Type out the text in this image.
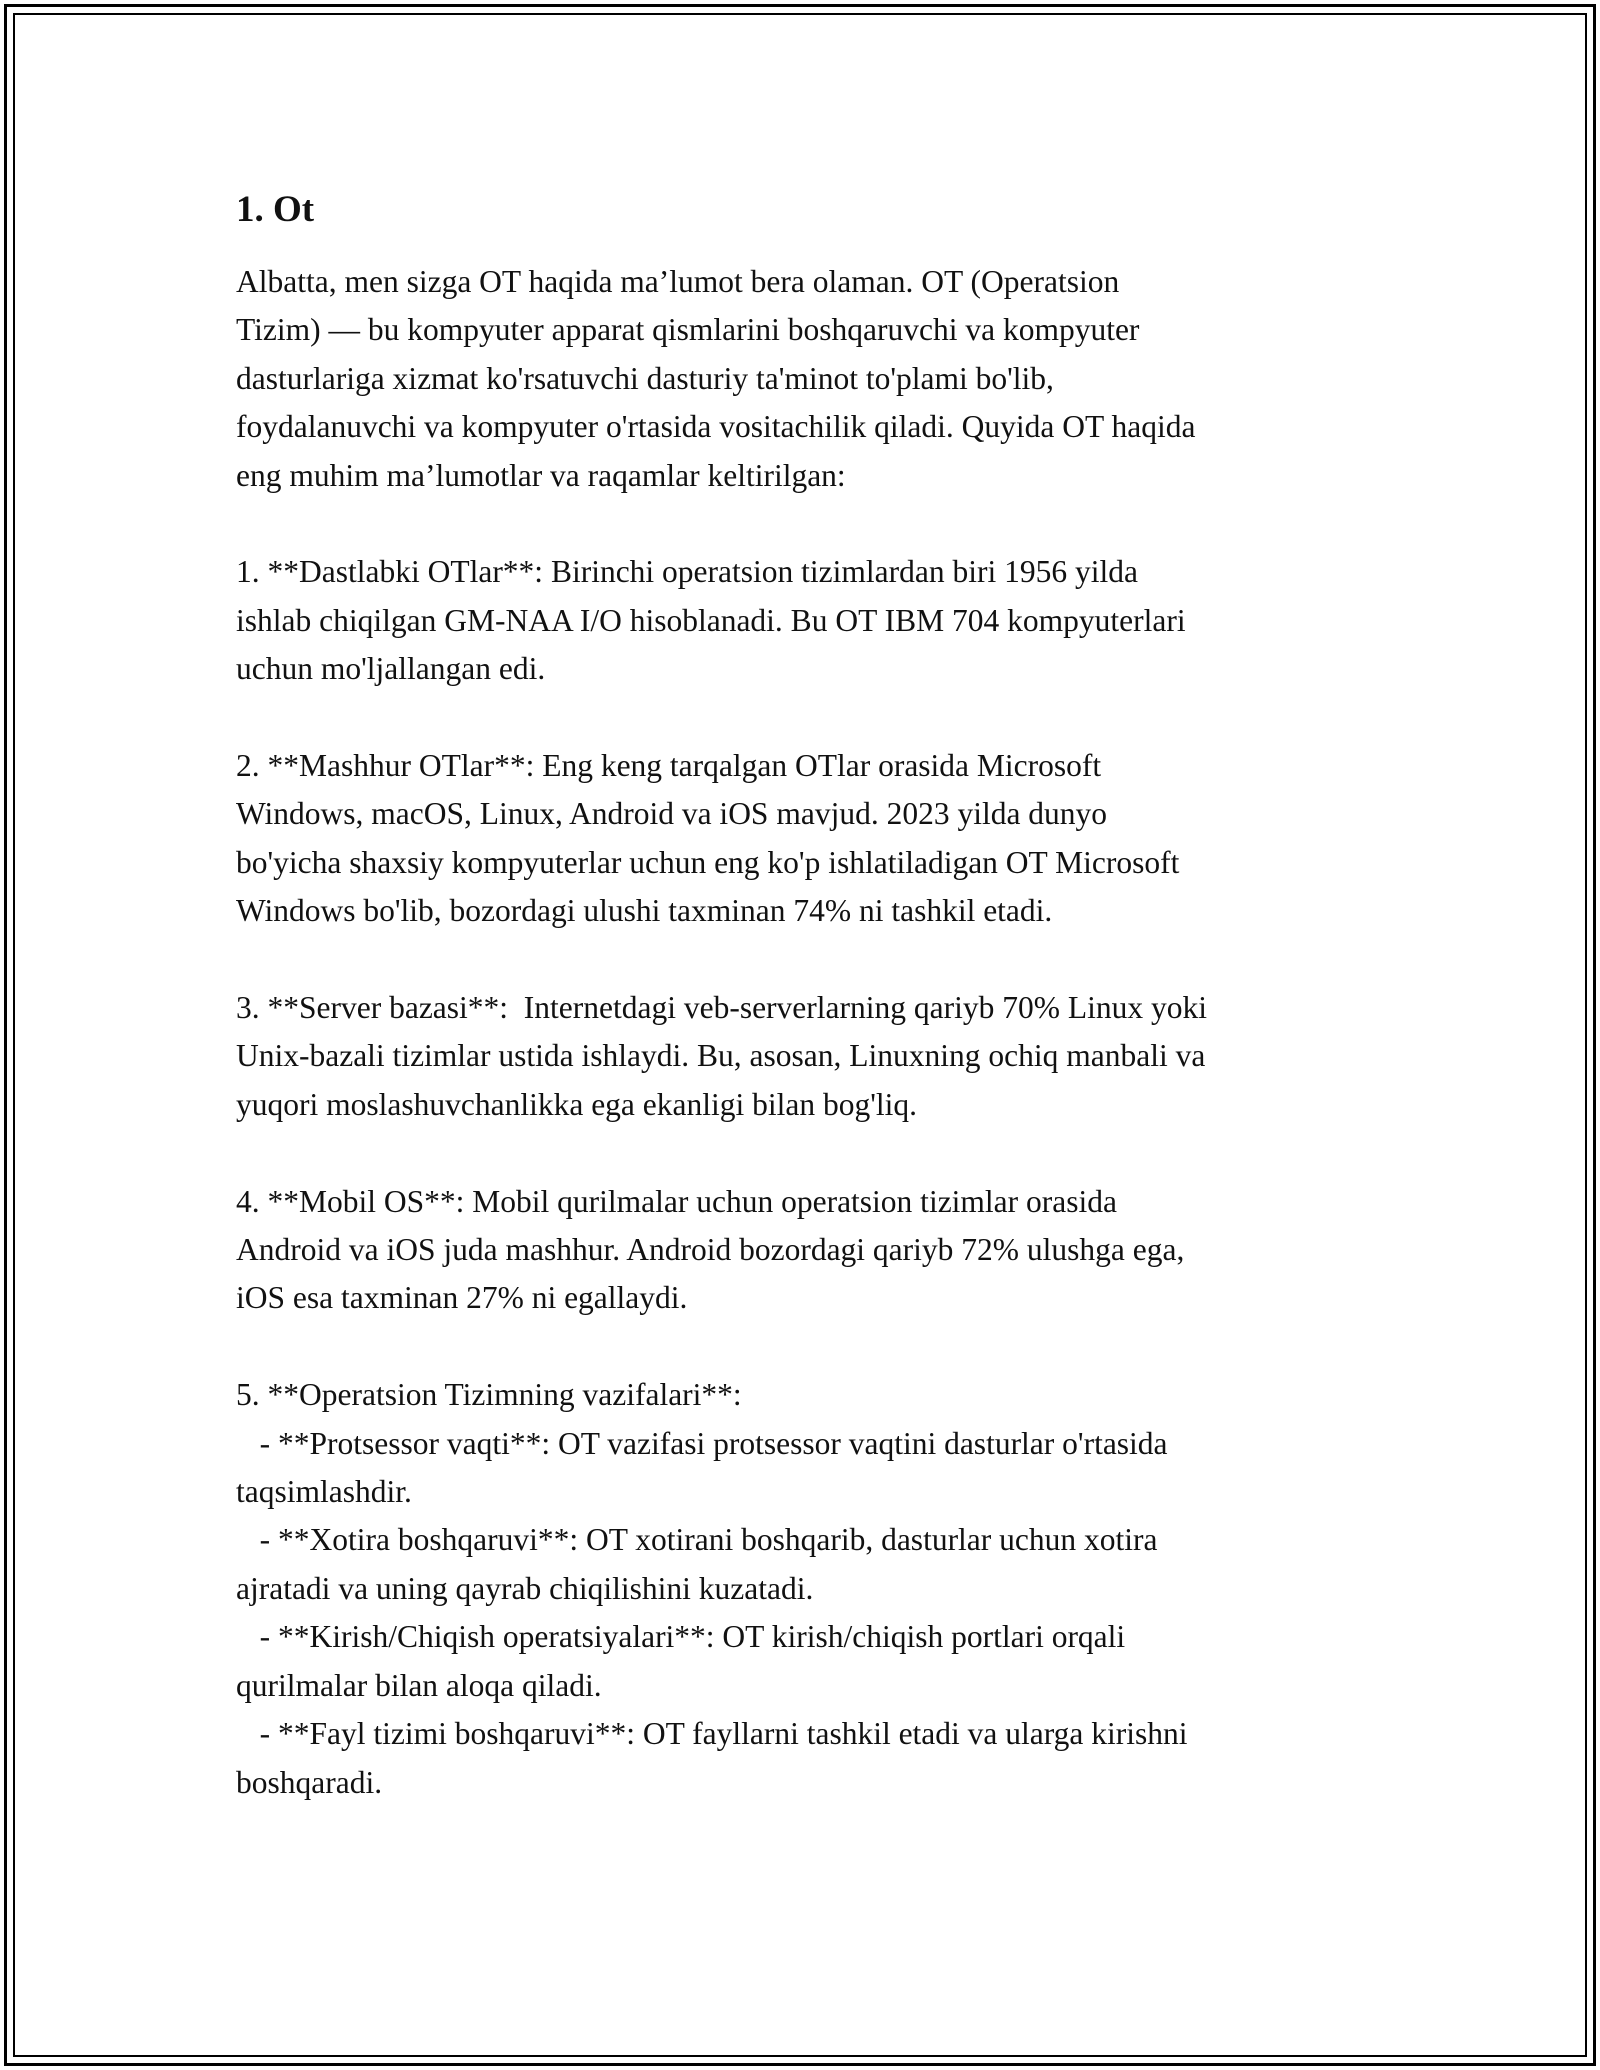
1. Ot

Albatta, men sizga OT haqida ma’lumot bera olaman. OT (Operatsion
Tizim) — bu kompyuter apparat qismlarini boshqaruvchi va kompyuter
dasturlariga xizmat ko'rsatuvchi dasturiy ta'minot to'plami bo'lib,
foydalanuvchi va kompyuter o'rtasida vositachilik qiladi. Quyida OT haqida
eng muhim ma’lumotlar va raqamlar keltirilgan:

1. **Dastlabki OTlar**: Birinchi operatsion tizimlardan biri 1956 yilda
ishlab chiqilgan GM-NAA I/O hisoblanadi. Bu OT IBM 704 kompyuterlari
uchun mo'ljallangan edi.

2. **Mashhur OTlar**: Eng keng tarqalgan OTlar orasida Microsoft
Windows, macOS, Linux, Android va iOS mavjud. 2023 yilda dunyo
bo'yicha shaxsiy kompyuterlar uchun eng ko'p ishlatiladigan OT Microsoft
Windows bo'lib, bozordagi ulushi taxminan 74% ni tashkil etadi.

3. **Server bazasi**:  Internetdagi veb-serverlarning qariyb 70% Linux yoki
Unix-bazali tizimlar ustida ishlaydi. Bu, asosan, Linuxning ochiq manbali va
yuqori moslashuvchanlikka ega ekanligi bilan bog'liq.

4. **Mobil OS**: Mobil qurilmalar uchun operatsion tizimlar orasida
Android va iOS juda mashhur. Android bozordagi qariyb 72% ulushga ega,
iOS esa taxminan 27% ni egallaydi.

5. **Operatsion Tizimning vazifalari**:
- **Protsessor vaqti**: OT vazifasi protsessor vaqtini dasturlar o'rtasida
taqsimlashdir.
- **Xotira boshqaruvi**: OT xotirani boshqarib, dasturlar uchun xotira
ajratadi va uning qayrab chiqilishini kuzatadi.
- **Kirish/Chiqish operatsiyalari**: OT kirish/chiqish portlari orqali
qurilmalar bilan aloqa qiladi.
- **Fayl tizimi boshqaruvi**: OT fayllarni tashkil etadi va ularga kirishni
boshqaradi.
